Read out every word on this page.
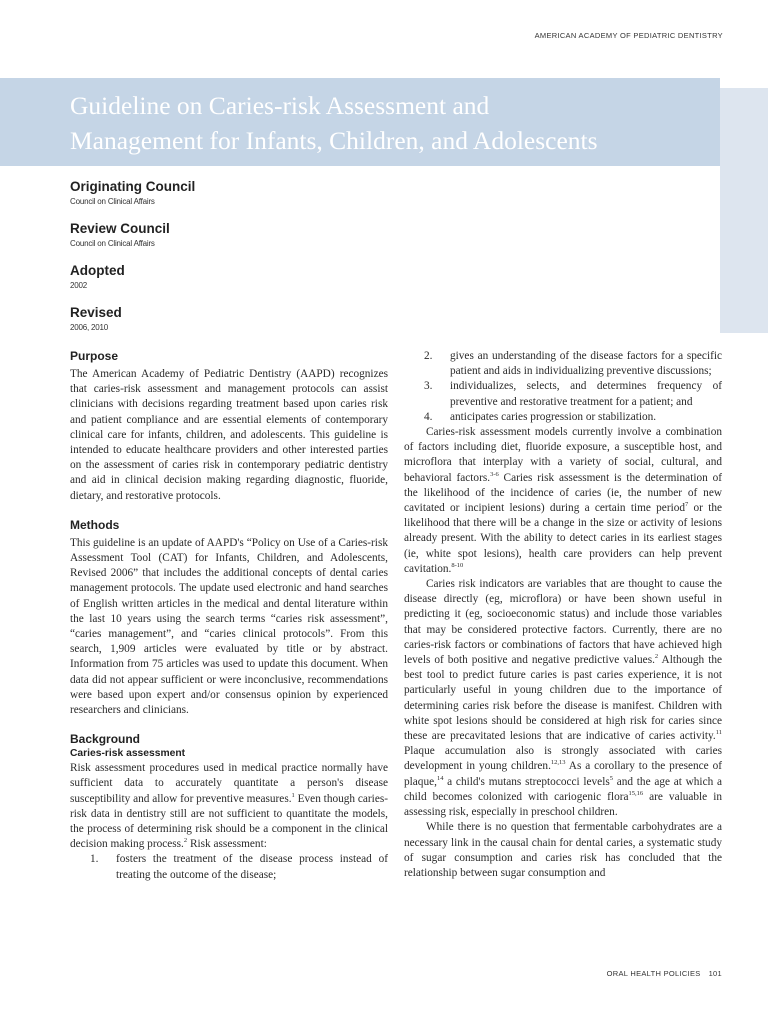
AMERICAN ACADEMY OF PEDIATRIC DENTISTRY
Guideline on Caries-risk Assessment and
Management for Infants, Children, and Adolescents

Originating Council

Council on Clinical Affairs

Review Council

Council on Clinical Affairs

Adopted

2002

Revised

2006, 2010

Purpose

The American Academy of Pediatric Dentistry (AAPD) recognizes that caries-risk assessment and management protocols can assist clinicians with decisions regarding treatment based upon caries risk and patient compliance and are essential elements of contemporary clinical care for infants, children, and adolescents. This guideline is intended to educate healthcare providers and other interested parties on the assessment of caries risk in contemporary pediatric dentistry and aid in clinical decision making regarding diagnostic, fluoride, dietary, and restorative protocols.

Methods

This guideline is an update of AAPD's “Policy on Use of a Caries-risk Assessment Tool (CAT) for Infants, Children, and Adolescents, Revised 2006” that includes the additional concepts of dental caries management protocols. The update used electronic and hand searches of English written articles in the medical and dental literature within the last 10 years using the search terms “caries risk assessment”, “caries management”, and “caries clinical protocols”. From this search, 1,909 articles were evaluated by title or by abstract. Information from 75 articles was used to update this document. When data did not appear sufficient or were inconclusive, recommendations were based upon expert and/or consensus opinion by experienced researchers and clinicians.

Background
Caries-risk assessment

Risk assessment procedures used in medical practice normally have sufficient data to accurately quantitate a person's disease susceptibility and allow for preventive measures.$^1$ Even though caries-risk data in dentistry still are not sufficient to quantitate the models, the process of determining risk should be a component in the clinical decision making process.$^2$ Risk assessment:

1. fosters the treatment of the disease process instead of treating the outcome of the disease;
2. gives an understanding of the disease factors for a specific patient and aids in individualizing preventive discussions;
3. individualizes, selects, and determines frequency of preventive and restorative treatment for a patient; and
4. anticipates caries progression or stabilization.

Caries-risk assessment models currently involve a combination of factors including diet, fluoride exposure, a susceptible host, and microflora that interplay with a variety of social, cultural, and behavioral factors.$^{3-6}$ Caries risk assessment is the determination of the likelihood of the incidence of caries (ie, the number of new cavitated or incipient lesions) during a certain time period$^7$ or the likelihood that there will be a change in the size or activity of lesions already present. With the ability to detect caries in its earliest stages (ie, white spot lesions), health care providers can help prevent cavitation.$^{8-10}$

Caries risk indicators are variables that are thought to cause the disease directly (eg, microflora) or have been shown useful in predicting it (eg, socioeconomic status) and include those variables that may be considered protective factors. Currently, there are no caries-risk factors or combinations of factors that have achieved high levels of both positive and negative predictive values.$^2$ Although the best tool to predict future caries is past caries experience, it is not particularly useful in young children due to the importance of determining caries risk before the disease is manifest. Children with white spot lesions should be considered at high risk for caries since these are precavitated lesions that are indicative of caries activity.$^{11}$ Plaque accumulation also is strongly associated with caries development in young children.$^{12,13}$ As a corollary to the presence of plaque,$^{14}$ a child's mutans streptococci levels$^5$ and the age at which a child becomes colonized with cariogenic flora$^{15,16}$ are valuable in assessing risk, especially in preschool children.

While there is no question that fermentable carbohydrates are a necessary link in the causal chain for dental caries, a systematic study of sugar consumption and caries risk has concluded that the relationship between sugar consumption and

ORAL HEALTH POLICIES 101
